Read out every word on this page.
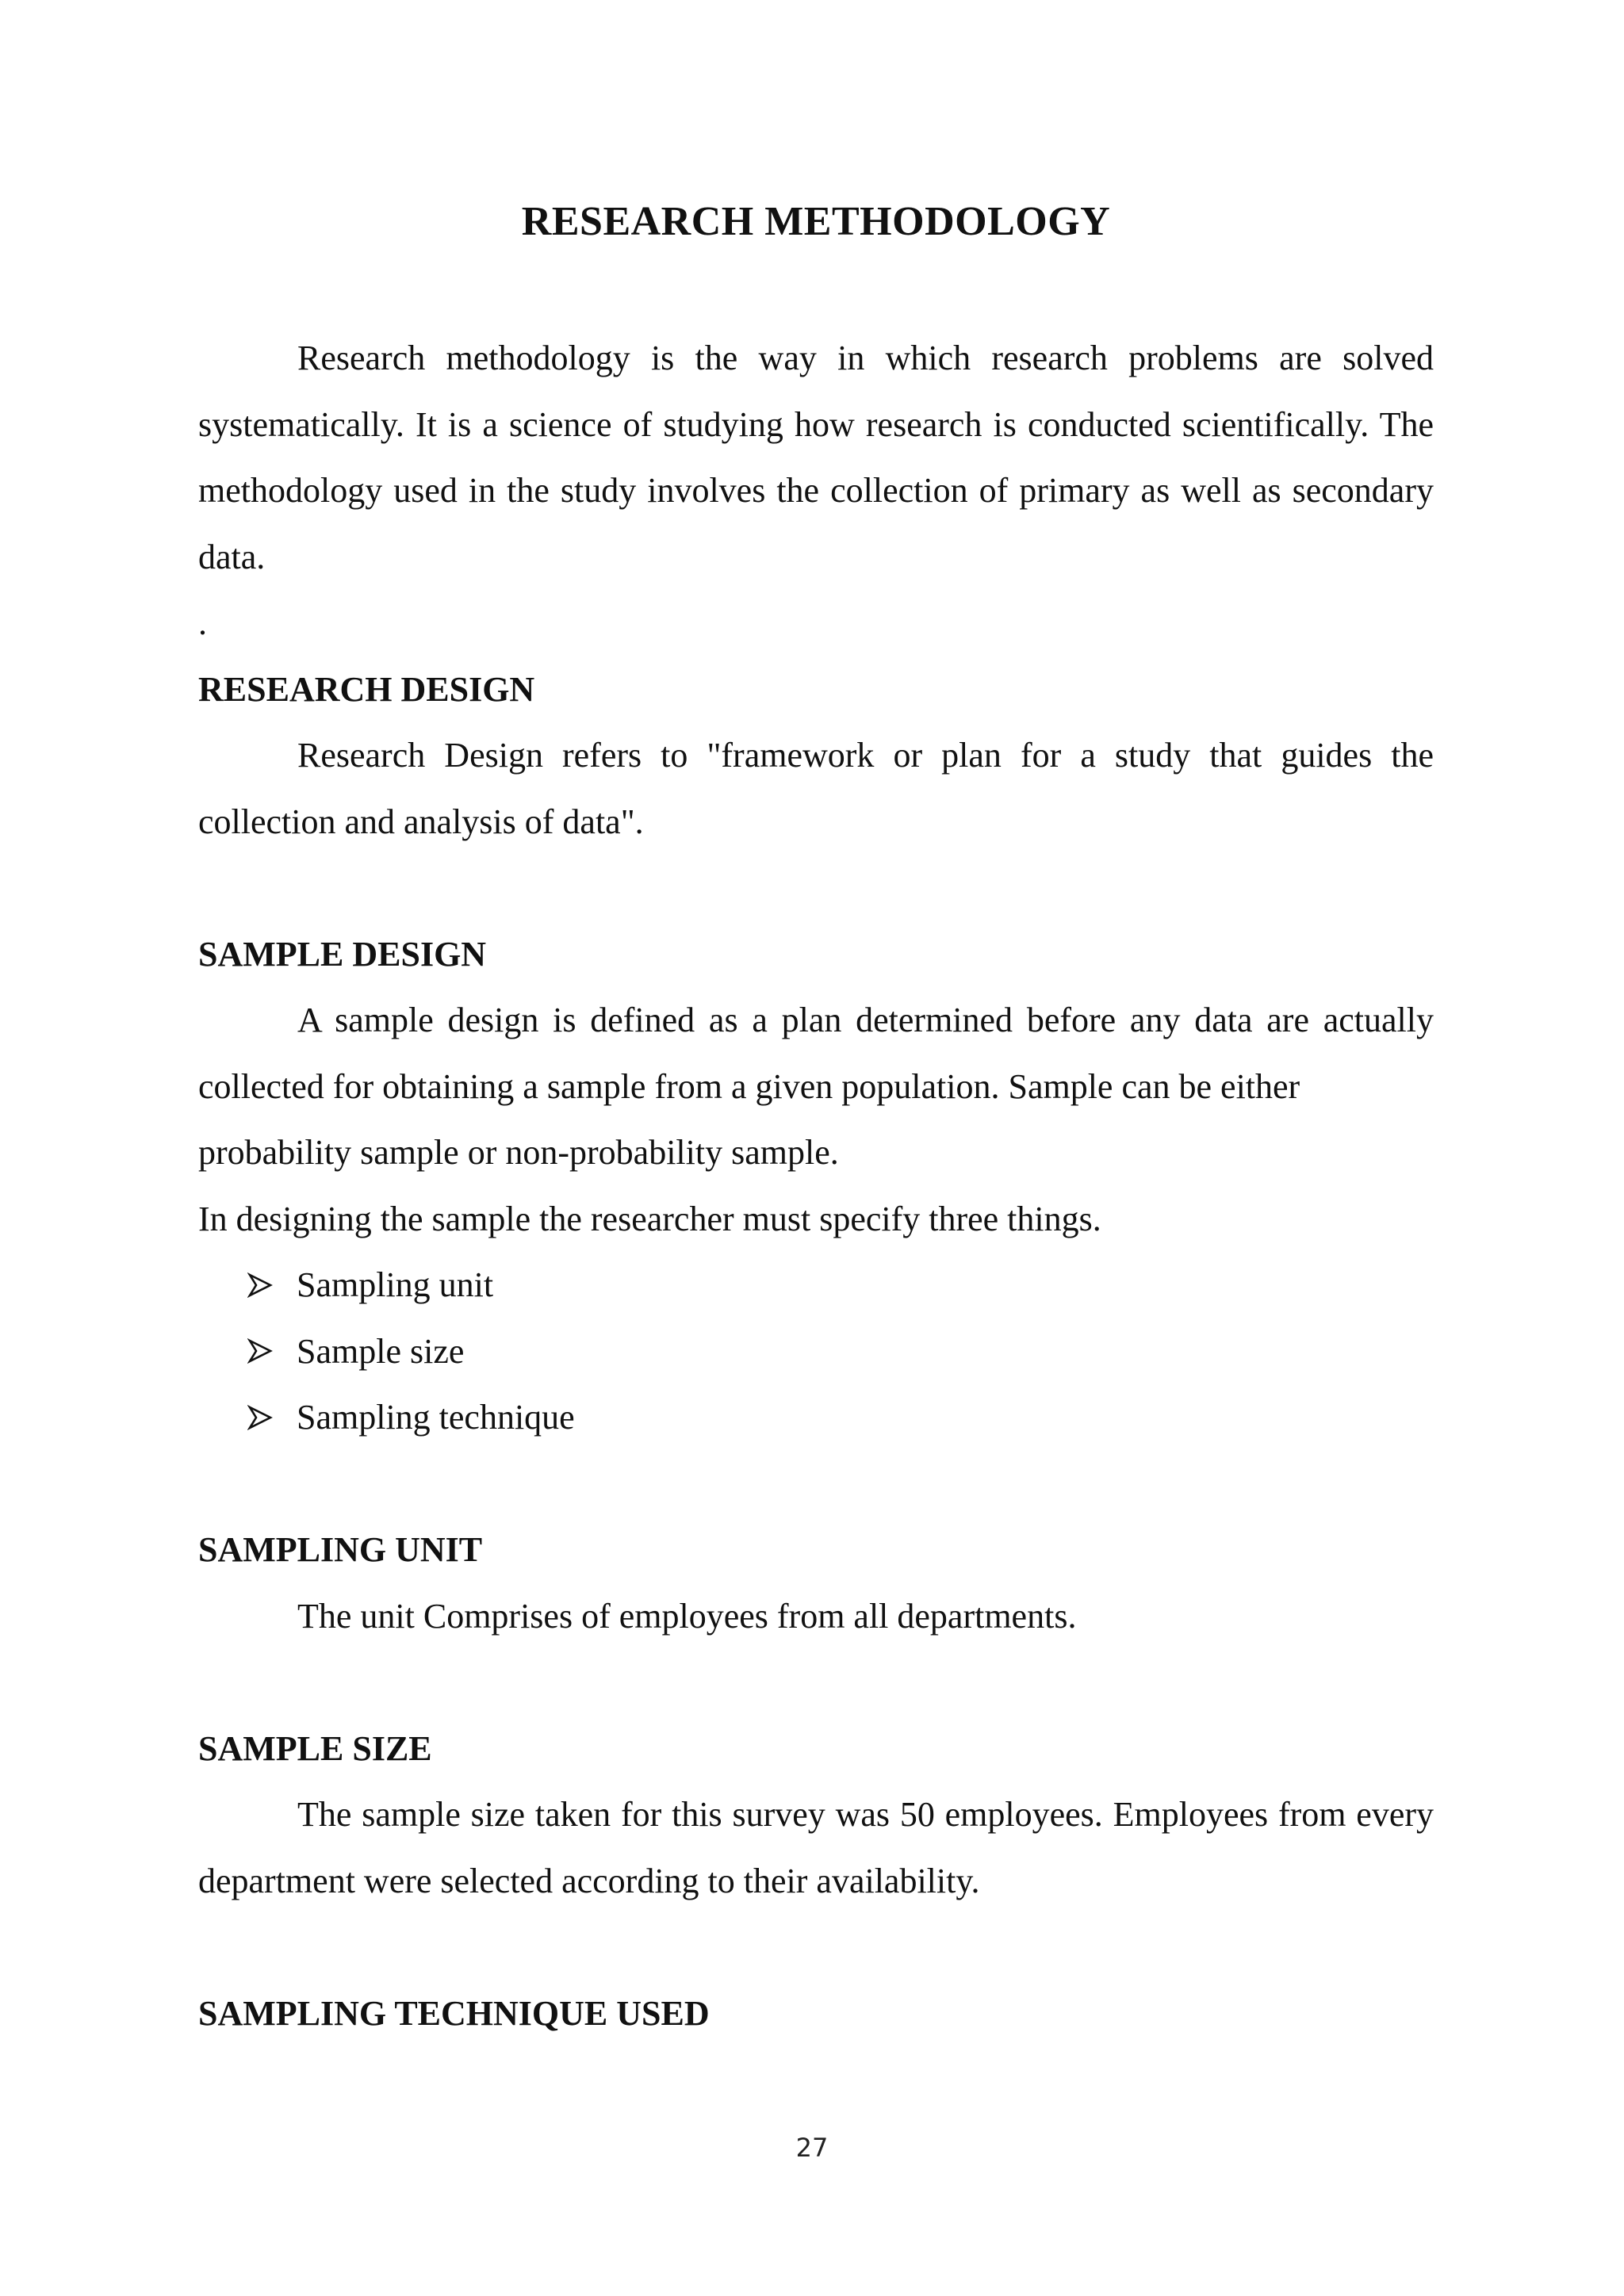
RESEARCH METHODOLOGY

Research methodology is the way in which research problems are solved systematically. It is a science of studying how research is conducted scientifically. The methodology used in the study involves the collection of primary as well as secondary data.

.

RESEARCH DESIGN

Research Design refers to "framework or plan for a study that guides the collection and analysis of data".

SAMPLE DESIGN

A sample design is defined as a plan determined before any data are actually collected for obtaining a sample from a given population. Sample can be either

probability sample or non-probability sample.

In designing the sample the researcher must specify three things.

Sampling unit
Sample size
Sampling technique
SAMPLING UNIT

The unit Comprises of employees from all departments.

SAMPLE SIZE

The sample size taken for this survey was 50 employees. Employees from every department were selected according to their availability.

SAMPLING TECHNIQUE USED
27
